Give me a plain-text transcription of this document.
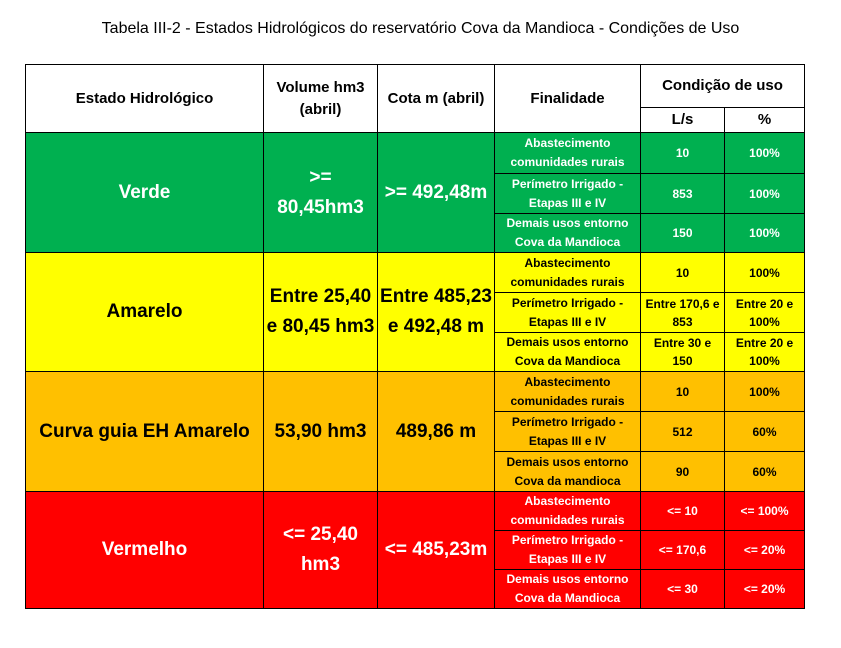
Tabela III-2 - Estados Hidrológicos do reservatório Cova da Mandioca - Condições de Uso
Estado Hidrológico	Volume hm3 (abril)	Cota m (abril)	Finalidade	Condição de uso	
				L/s	%
Verde	>= 80,45hm3	>= 492,48m	Abastecimento comunidades rurais	10	100%
			Perímetro Irrigado - Etapas III e IV	853	100%
			Demais usos entorno Cova da Mandioca	150	100%
Amarelo	Entre 25,40 e 80,45 hm3	Entre 485,23 e 492,48 m	Abastecimento comunidades rurais	10	100%
			Perímetro Irrigado - Etapas III e IV	Entre 170,6 e 853	Entre 20 e 100%
			Demais usos entorno Cova da Mandioca	Entre 30 e 150	Entre 20 e 100%
Curva guia EH Amarelo	53,90 hm3	489,86 m	Abastecimento comunidades rurais	10	100%
			Perímetro Irrigado - Etapas III e IV	512	60%
			Demais usos entorno Cova da mandioca	90	60%
Vermelho	<= 25,40 hm3	<= 485,23m	Abastecimento comunidades rurais	<= 10	<= 100%
			Perímetro Irrigado - Etapas III e IV	<= 170,6	<= 20%
			Demais usos entorno Cova da Mandioca	<= 30	<= 20%
